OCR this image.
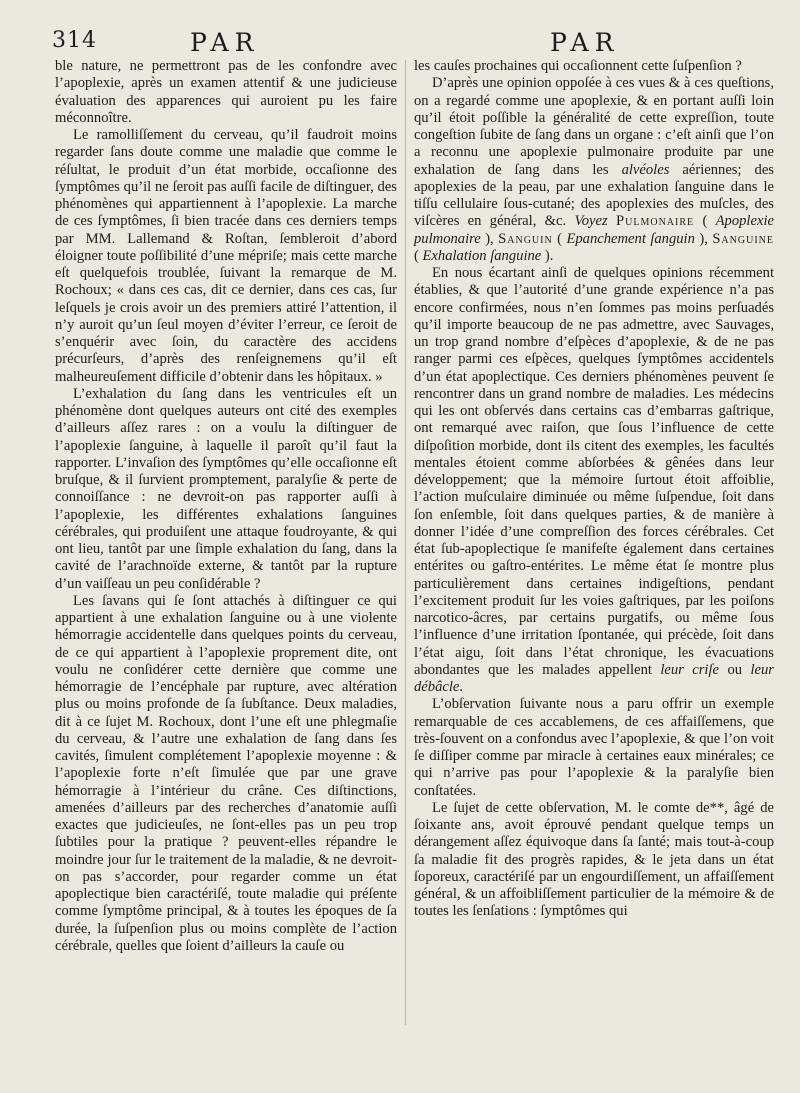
314	PAR	PAR

ble nature, ne permettront pas de les confondre avec l’apoplexie, après un examen attentif & une judicieuse évaluation des apparences qui auroient pu les faire méconnoître.

Le ramolliſſement du cerveau, qu’il faudroit moins regarder ſans doute comme une maladie que comme le réſultat, le produit d’un état morbide, occaſionne des ſymptômes qu’il ne ſeroit pas auſſi facile de diſtinguer, des phénomènes qui appartiennent à l’apoplexie. La marche de ces ſymptômes, ſi bien tracée dans ces derniers temps par MM. Lallemand & Roſtan, ſembleroit d’abord éloigner toute poſſibilité d’une mépriſe; mais cette marche eſt quelquefois troublée, ſuivant la remarque de M. Rochoux; « dans ces cas, dit ce dernier, dans ces cas, ſur leſquels je crois avoir un des premiers attiré l’attention, il n’y auroit qu’un ſeul moyen d’éviter l’erreur, ce ſeroit de s’enquérir avec ſoin, du caractère des accidens précurſeurs, d’après des renſeignemens qu’il eſt malheureuſement difficile d’obtenir dans les hôpitaux. »

L’exhalation du ſang dans les ventricules eſt un phénomène dont quelques auteurs ont cité des exemples d’ailleurs aſſez rares : on a voulu la diſtinguer de l’apoplexie ſanguine, à laquelle il paroît qu’il faut la rapporter. L’invaſion des ſymptômes qu’elle occaſionne eſt bruſque, & il ſurvient promptement, paralyſie & perte de connoiſſance : ne devroit-on pas rapporter auſſi à l’apoplexie, les différentes exhalations ſanguines cérébrales, qui produiſent une attaque foudroyante, & qui ont lieu, tantôt par une ſimple exhalation du ſang, dans la cavité de l’arachnoïde externe, & tantôt par la rupture d’un vaiſſeau un peu conſidérable ?

Les ſavans qui ſe ſont attachés à diſtinguer ce qui appartient à une exhalation ſanguine ou à une violente hémorragie accidentelle dans quelques points du cerveau, de ce qui appartient à l’apoplexie proprement dite, ont voulu ne conſidérer cette dernière que comme une hémorragie de l’encéphale par rupture, avec altération plus ou moins profonde de ſa ſubſtance. Deux maladies, dit à ce ſujet M. Rochoux, dont l’une eſt une phlegmaſie du cerveau, & l’autre une exhalation de ſang dans ſes cavités, ſimulent complétement l’apoplexie moyenne : & l’apoplexie forte n’eſt ſimulée que par une grave hémorragie à l’intérieur du crâne. Ces diſtinctions, amenées d’ailleurs par des recherches d’anatomie auſſi exactes que judicieuſes, ne ſont-elles pas un peu trop ſubtiles pour la pratique ? peuvent-elles répandre le moindre jour ſur le traitement de la maladie, & ne devroit-on pas s’accorder, pour regarder comme un état apoplectique bien caractériſé, toute maladie qui préſente comme ſymptôme principal, & à toutes les époques de ſa durée, la ſuſpenſion plus ou moins complète de l’action cérébrale, quelles que ſoient d’ailleurs la cauſe ou

les cauſes prochaines qui occaſionnent cette ſuſpenſion ?

D’après une opinion oppoſée à ces vues & à ces queſtions, on a regardé comme une apoplexie, & en portant auſſi loin qu’il étoit poſſible la généralité de cette expreſſion, toute congeſtion ſubite de ſang dans un organe : c’eſt ainſi que l’on a reconnu une apoplexie pulmonaire produite par une exhalation de ſang dans les alvéoles aériennes; des apoplexies de la peau, par une exhalation ſanguine dans le tiſſu cellulaire ſous-cutané; des apoplexies des muſcles, des viſcères en général, &c. Voyez Pulmonaire ( Apoplexie pulmonaire ), Sanguin ( Epanchement ſanguin ), Sanguine ( Exhalation ſanguine ).

En nous écartant ainſi de quelques opinions récemment établies, & que l’autorité d’une grande expérience n’a pas encore confirmées, nous n’en ſommes pas moins perſuadés qu’il importe beaucoup de ne pas admettre, avec Sauvages, un trop grand nombre d’eſpèces d’apoplexie, & de ne pas ranger parmi ces eſpèces, quelques ſymptômes accidentels d’un état apoplectique. Ces derniers phénomènes peuvent ſe rencontrer dans un grand nombre de maladies. Les médecins qui les ont obſervés dans certains cas d’embarras gaſtrique, ont remarqué avec raiſon, que ſous l’influence de cette diſpoſition morbide, dont ils citent des exemples, les facultés mentales étoient comme abſorbées & gênées dans leur développement; que la mémoire ſurtout étoit affoiblie, l’action muſculaire diminuée ou même ſuſpendue, ſoit dans ſon enſemble, ſoit dans quelques parties, & de manière à donner l’idée d’une compreſſion des forces cérébrales. Cet état ſub-apoplectique ſe manifeſte également dans certaines entérites ou gaſtro-entérites. Le même état ſe montre plus particulièrement dans certaines indigeſtions, pendant l’excitement produit ſur les voies gaſtriques, par les poiſons narcotico-âcres, par certains purgatifs, ou même ſous l’influence d’une irritation ſpontanée, qui précède, ſoit dans l’état aigu, ſoit dans l’état chronique, les évacuations abondantes que les malades appellent leur criſe ou leur débâcle.

L’obſervation ſuivante nous a paru offrir un exemple remarquable de ces accablemens, de ces affaiſſemens, que très-ſouvent on a confondus avec l’apoplexie, & que l’on voit ſe diſſiper comme par miracle à certaines eaux minérales; ce qui n’arrive pas pour l’apoplexie & la paralyſie bien conſtatées.

Le ſujet de cette obſervation, M. le comte de**, âgé de ſoixante ans, avoit éprouvé pendant quelque temps un dérangement aſſez équivoque dans ſa ſanté; mais tout-à-coup ſa maladie fit des progrès rapides, & le jeta dans un état ſoporeux, caractériſé par un engourdiſſement, un affaiſſement général, & un affoibliſſement particulier de la mémoire & de toutes les ſenſations : ſymptômes qui
